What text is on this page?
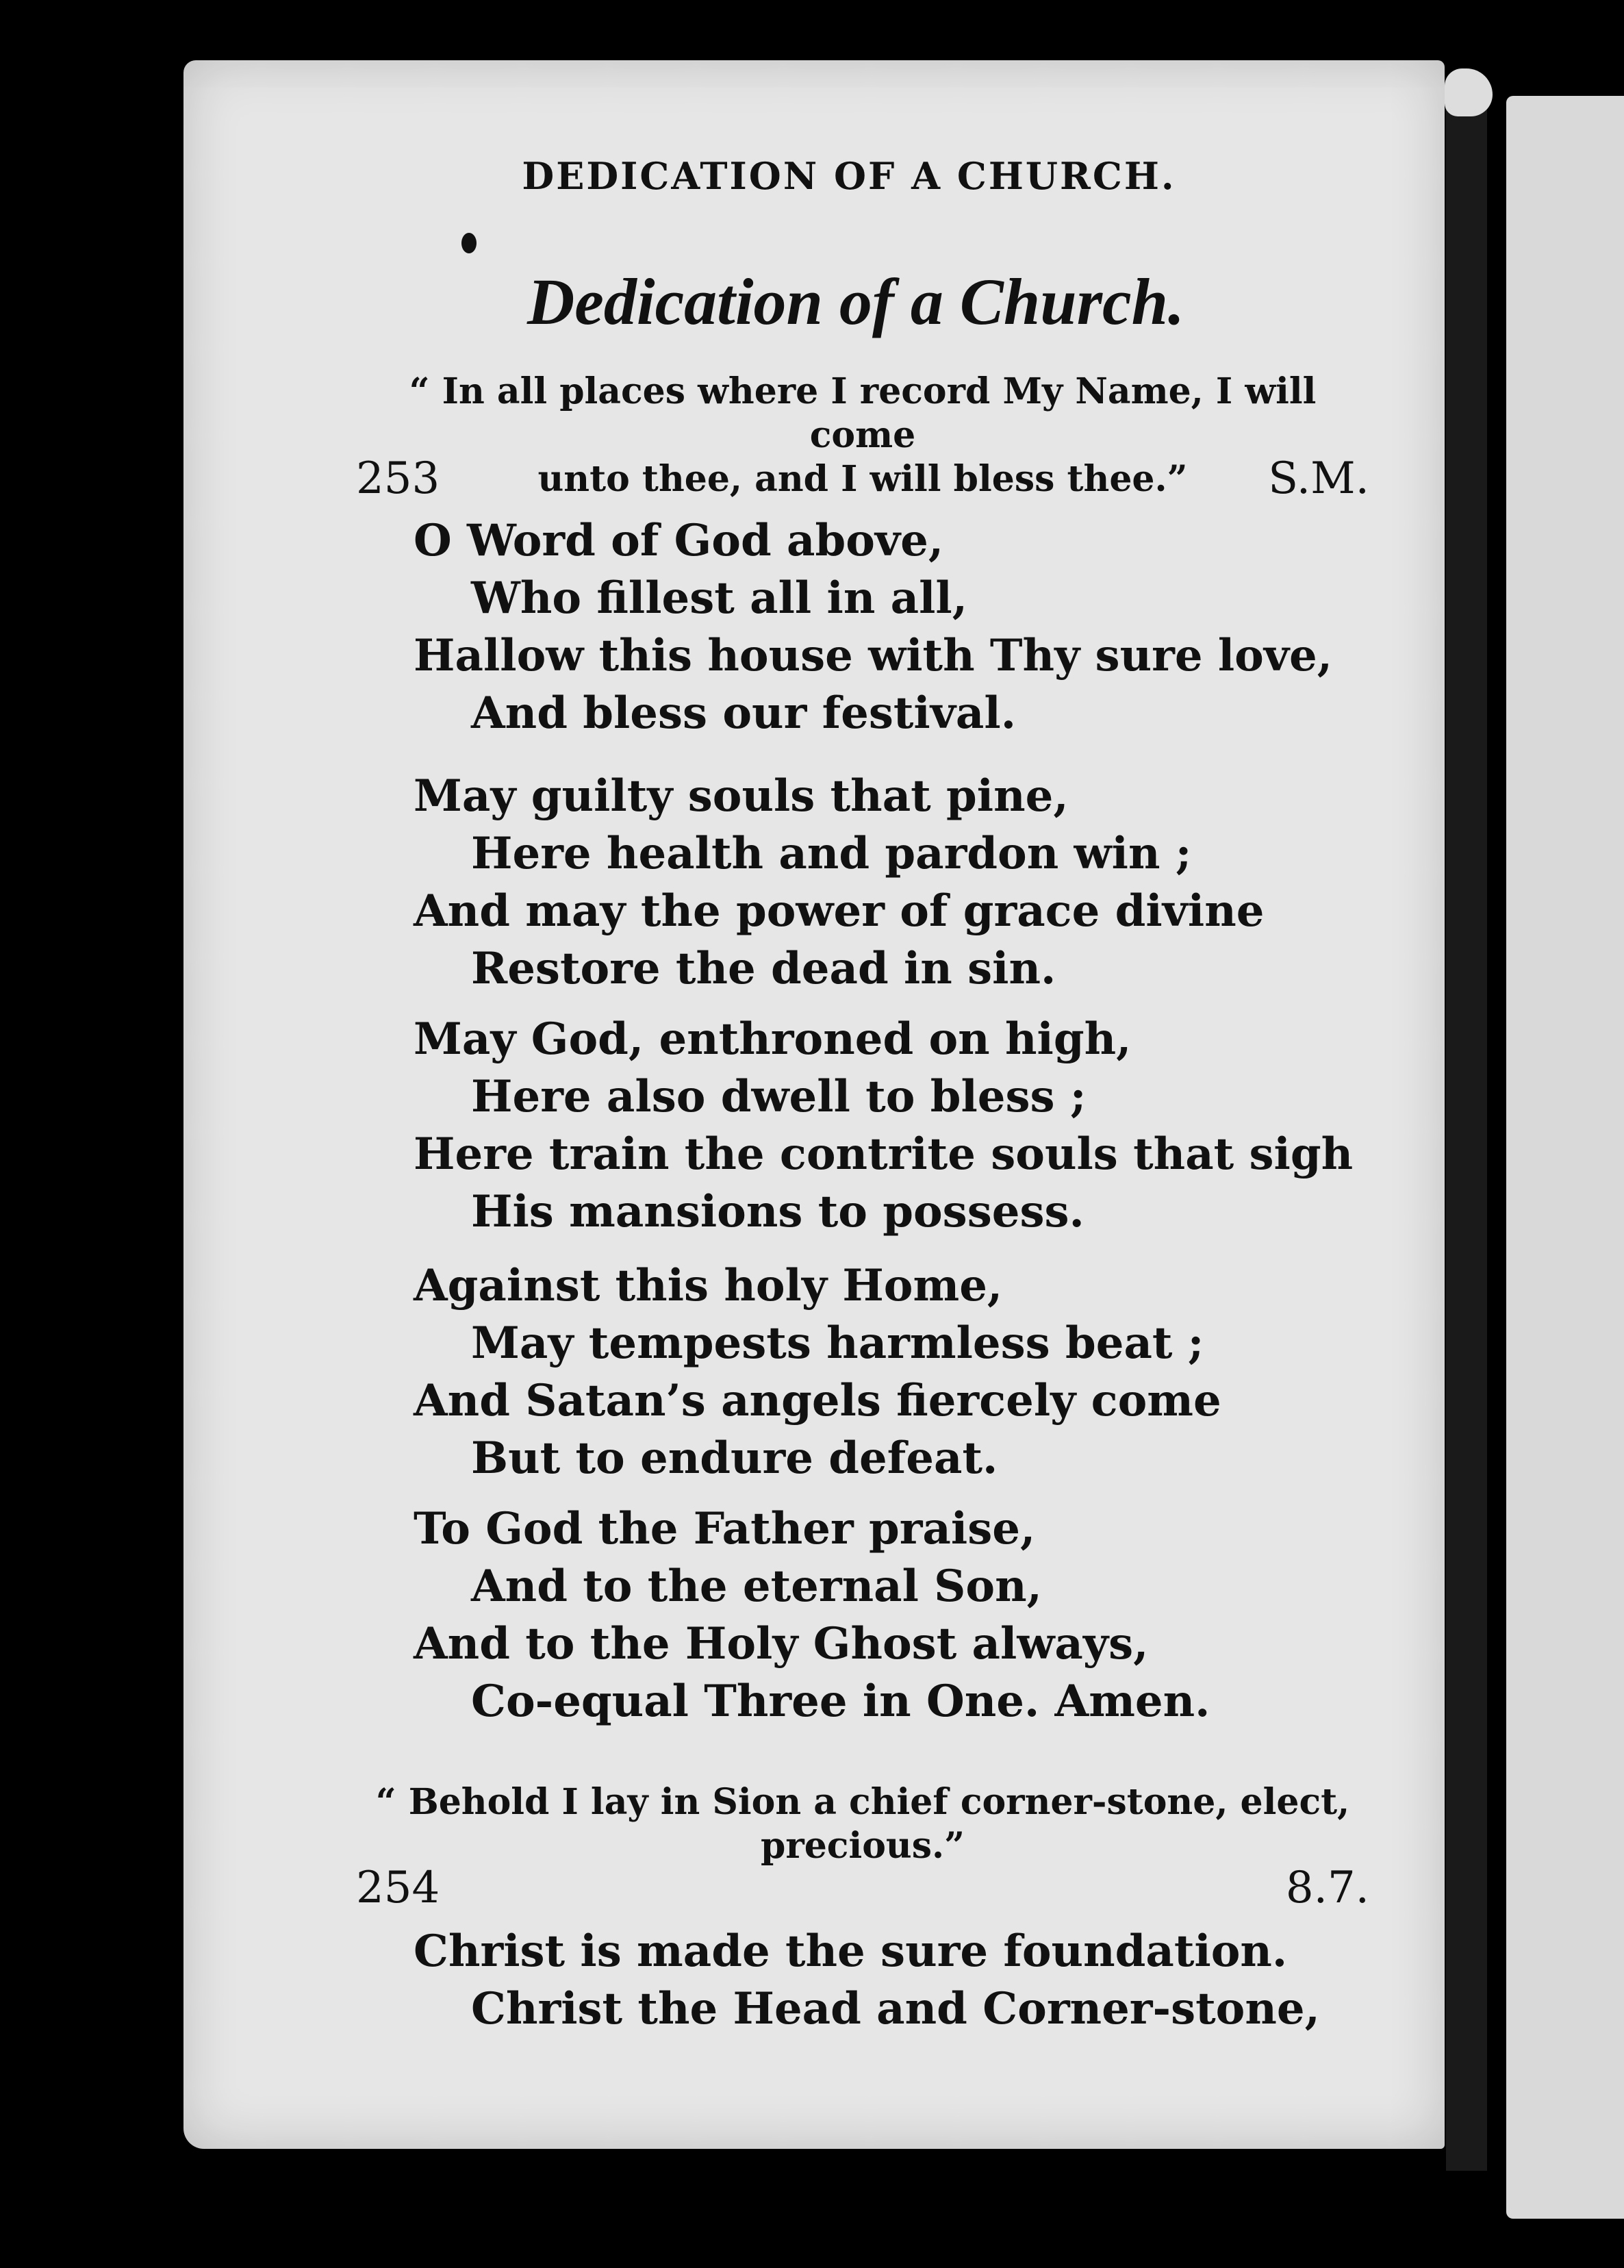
DEDICATION OF A CHURCH.
Dedication of a Church.
“ In all places where I record My Name, I will come
unto thee, and I will bless thee.”
253	S.M.
O Word of God above,
Who fillest all in all,
Hallow this house with Thy sure love,
And bless our festival.
May guilty souls that pine,
Here health and pardon win ;
And may the power of grace divine
Restore the dead in sin.
May God, enthroned on high,
Here also dwell to bless ;
Here train the contrite souls that sigh
His mansions to possess.
Against this holy Home,
May tempests harmless beat ;
And Satan’s angels fiercely come
But to endure defeat.
To God the Father praise,
And to the eternal Son,
And to the Holy Ghost always,
Co-equal Three in One. Amen.
“ Behold I lay in Sion a chief corner-stone, elect,
precious.”
254	8.7.
Christ is made the sure foundation.
Christ the Head and Corner-stone,
